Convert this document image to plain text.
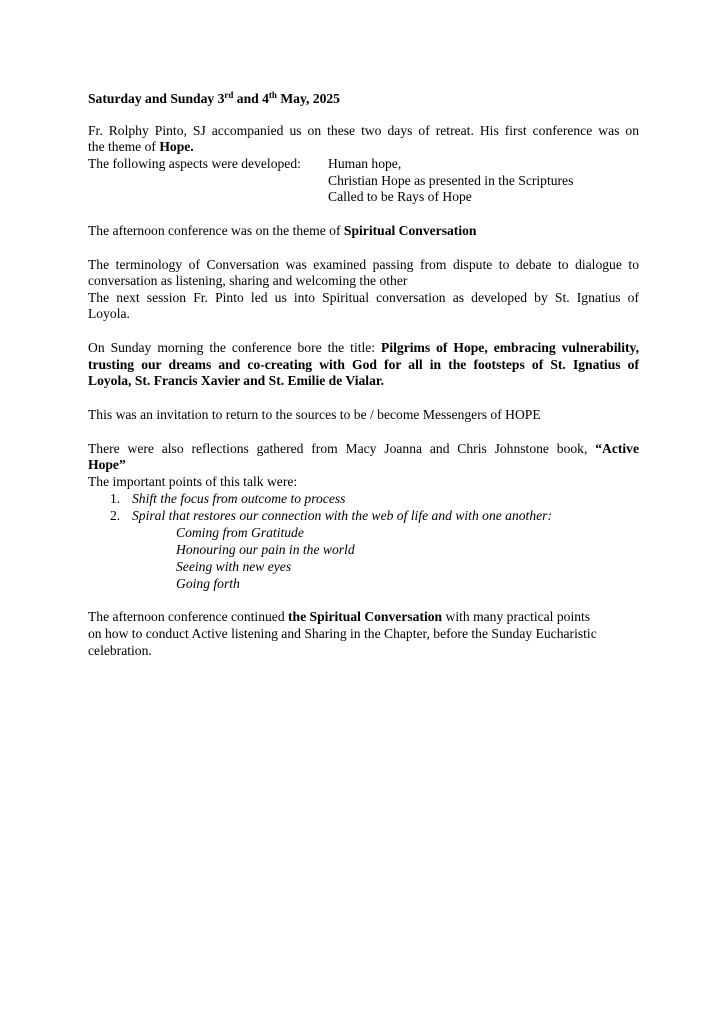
Saturday and Sunday 3rd and 4th May, 2025
Fr. Rolphy Pinto, SJ accompanied us on these two days of retreat. His first conference was on
the theme of Hope.
The following aspects were developed: Human hope,
Christian Hope as presented in the Scriptures
Called to be Rays of Hope
The afternoon conference was on the theme of Spiritual Conversation
The terminology of Conversation was examined passing from dispute to debate to dialogue to
conversation as listening, sharing and welcoming the other
The next session Fr. Pinto led us into Spiritual conversation as developed by St. Ignatius of
Loyola.
On Sunday morning the conference bore the title: Pilgrims of Hope, embracing vulnerability,
trusting our dreams and co-creating with God for all in the footsteps of St. Ignatius of
Loyola, St. Francis Xavier and St. Emilie de Vialar.
This was an invitation to return to the sources to be / become Messengers of HOPE
There were also reflections gathered from Macy Joanna and Chris Johnstone book, “Active
Hope”
The important points of this talk were:
1. Shift the focus from outcome to process
2. Spiral that restores our connection with the web of life and with one another:
Coming from Gratitude
Honouring our pain in the world
Seeing with new eyes
Going forth
The afternoon conference continued the Spiritual Conversation with many practical points
on how to conduct Active listening and Sharing in the Chapter, before the Sunday Eucharistic
celebration.
